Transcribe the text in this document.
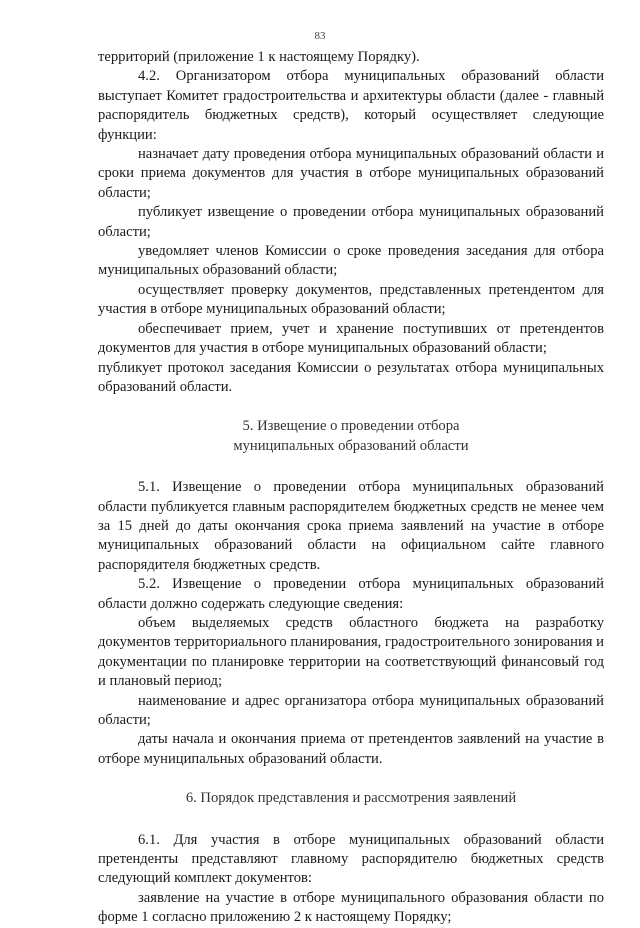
83

территорий (приложение 1 к настоящему Порядку).

4.2. Организатором отбора муниципальных образований области выступает Комитет градостроительства и архитектуры области (далее - главный распорядитель бюджетных средств), который осуществляет следующие функции:

назначает дату проведения отбора муниципальных образований области и сроки приема документов для участия в отборе муниципальных образований области;

публикует извещение о проведении отбора муниципальных образований области;

уведомляет членов Комиссии о сроке проведения заседания для отбора муниципальных образований области;

осуществляет проверку документов, представленных претендентом для участия в отборе муниципальных образований области;

обеспечивает прием, учет и хранение поступивших от претендентов документов для участия в отборе муниципальных образований области;

публикует протокол заседания Комиссии о результатах отбора муниципальных образований области.

5. Извещение о проведении отбора

муниципальных образований области

5.1. Извещение о проведении отбора муниципальных образований области публикуется главным распорядителем бюджетных средств не менее чем за 15 дней до даты окончания срока приема заявлений на участие в отборе муниципальных образований области на официальном сайте главного распорядителя бюджетных средств.

5.2. Извещение о проведении отбора муниципальных образований области должно содержать следующие сведения:

объем выделяемых средств областного бюджета на разработку документов территориального планирования, градостроительного зонирования и документации по планировке территории на соответствующий финансовый год и плановый период;

наименование и адрес организатора отбора муниципальных образований области;

даты начала и окончания приема от претендентов заявлений на участие в отборе муниципальных образований области.

6. Порядок представления и рассмотрения заявлений

6.1. Для участия в отборе муниципальных образований области претенденты представляют главному распорядителю бюджетных средств следующий комплект документов:

заявление на участие в отборе муниципального образования области по форме 1 согласно приложению 2 к настоящему Порядку;
